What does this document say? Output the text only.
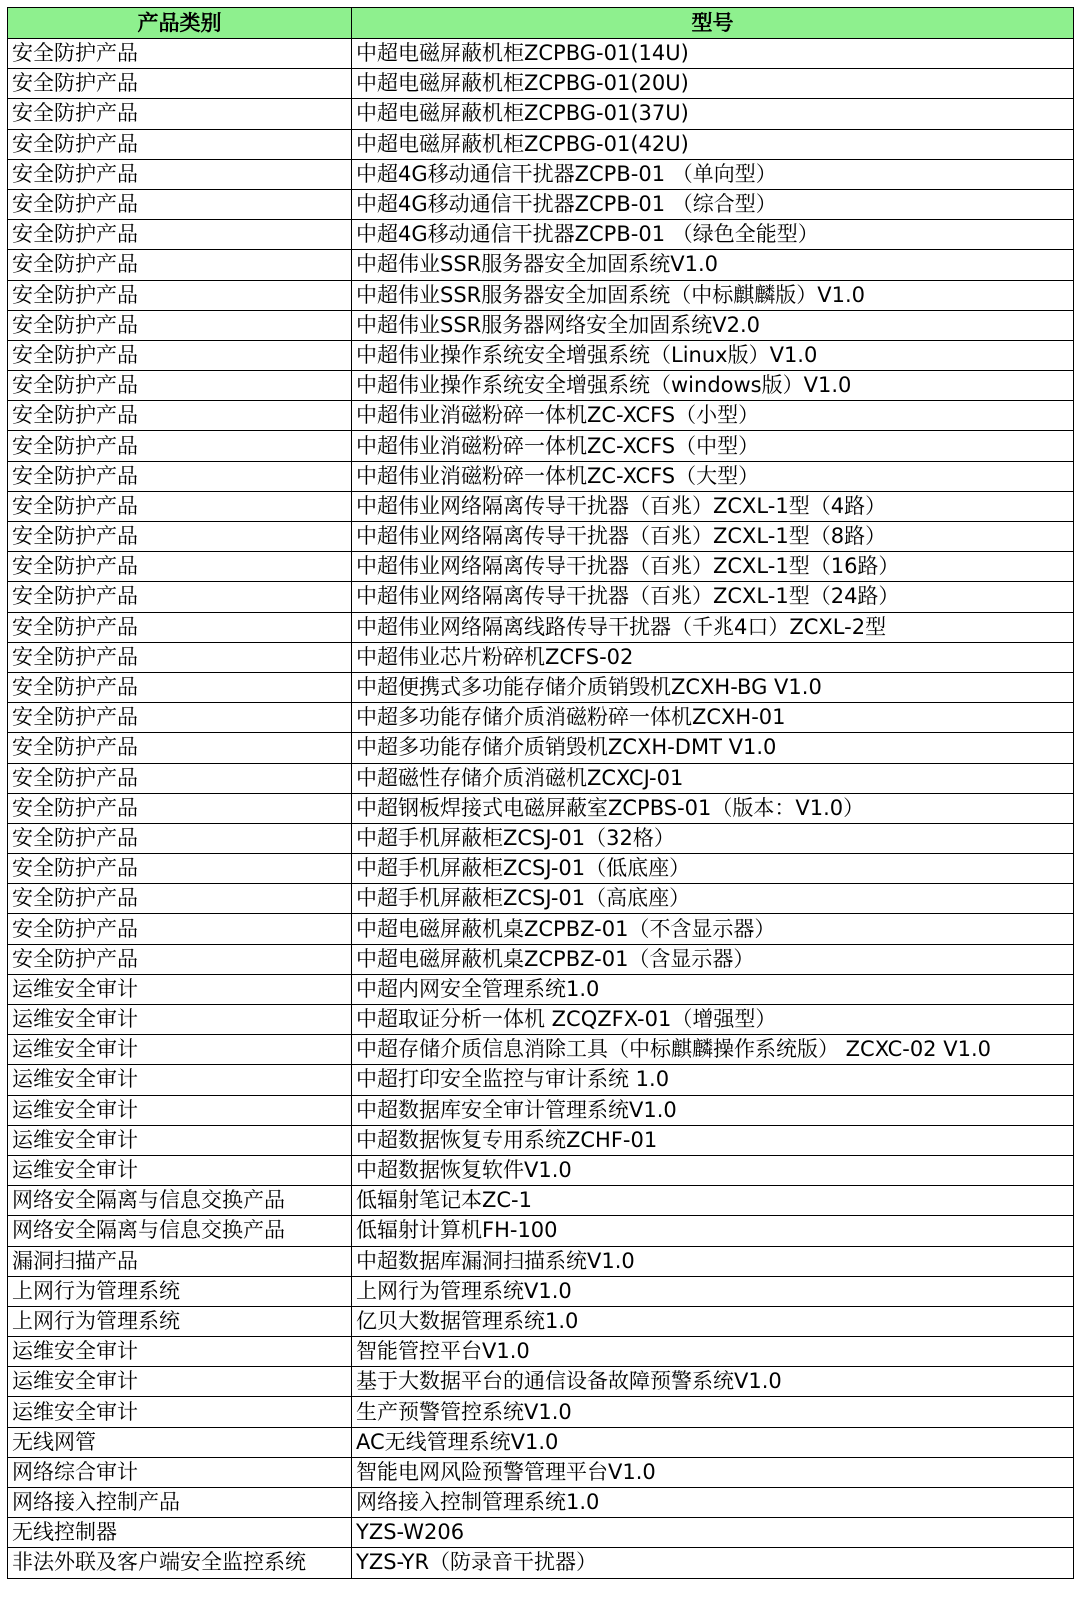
产品类别	型号
安全防护产品	中超电磁屏蔽机柜ZCPBG-01(14U)
安全防护产品	中超电磁屏蔽机柜ZCPBG-01(20U)
安全防护产品	中超电磁屏蔽机柜ZCPBG-01(37U)
安全防护产品	中超电磁屏蔽机柜ZCPBG-01(42U)
安全防护产品	中超4G移动通信干扰器ZCPB-01 （单向型）
安全防护产品	中超4G移动通信干扰器ZCPB-01 （综合型）
安全防护产品	中超4G移动通信干扰器ZCPB-01 （绿色全能型）
安全防护产品	中超伟业SSR服务器安全加固系统V1.0
安全防护产品	中超伟业SSR服务器安全加固系统（中标麒麟版）V1.0
安全防护产品	中超伟业SSR服务器网络安全加固系统V2.0
安全防护产品	中超伟业操作系统安全增强系统（Linux版）V1.0
安全防护产品	中超伟业操作系统安全增强系统（windows版）V1.0
安全防护产品	中超伟业消磁粉碎一体机ZC-XCFS（小型）
安全防护产品	中超伟业消磁粉碎一体机ZC-XCFS（中型）
安全防护产品	中超伟业消磁粉碎一体机ZC-XCFS（大型）
安全防护产品	中超伟业网络隔离传导干扰器（百兆）ZCXL-1型（4路）
安全防护产品	中超伟业网络隔离传导干扰器（百兆）ZCXL-1型（8路）
安全防护产品	中超伟业网络隔离传导干扰器（百兆）ZCXL-1型（16路）
安全防护产品	中超伟业网络隔离传导干扰器（百兆）ZCXL-1型（24路）
安全防护产品	中超伟业网络隔离线路传导干扰器（千兆4口）ZCXL-2型
安全防护产品	中超伟业芯片粉碎机ZCFS-02
安全防护产品	中超便携式多功能存储介质销毁机ZCXH-BG V1.0
安全防护产品	中超多功能存储介质消磁粉碎一体机ZCXH-01
安全防护产品	中超多功能存储介质销毁机ZCXH-DMT V1.0
安全防护产品	中超磁性存储介质消磁机ZCXCJ-01
安全防护产品	中超钢板焊接式电磁屏蔽室ZCPBS-01（版本：V1.0）
安全防护产品	中超手机屏蔽柜ZCSJ-01（32格）
安全防护产品	中超手机屏蔽柜ZCSJ-01（低底座）
安全防护产品	中超手机屏蔽柜ZCSJ-01（高底座）
安全防护产品	中超电磁屏蔽机桌ZCPBZ-01（不含显示器）
安全防护产品	中超电磁屏蔽机桌ZCPBZ-01（含显示器）
运维安全审计	中超内网安全管理系统1.0
运维安全审计	中超取证分析一体机 ZCQZFX-01（增强型）
运维安全审计	中超存储介质信息消除工具（中标麒麟操作系统版） ZCXC-02 V1.0
运维安全审计	中超打印安全监控与审计系统 1.0
运维安全审计	中超数据库安全审计管理系统V1.0
运维安全审计	中超数据恢复专用系统ZCHF-01
运维安全审计	中超数据恢复软件V1.0
网络安全隔离与信息交换产品	低辐射笔记本ZC-1
网络安全隔离与信息交换产品	低辐射计算机FH-100
漏洞扫描产品	中超数据库漏洞扫描系统V1.0
上网行为管理系统	上网行为管理系统V1.0
上网行为管理系统	亿贝大数据管理系统1.0
运维安全审计	智能管控平台V1.0
运维安全审计	基于大数据平台的通信设备故障预警系统V1.0
运维安全审计	生产预警管控系统V1.0
无线网管	AC无线管理系统V1.0
网络综合审计	智能电网风险预警管理平台V1.0
网络接入控制产品	网络接入控制管理系统1.0
无线控制器	YZS-W206
非法外联及客户端安全监控系统	YZS-YR（防录音干扰器）
